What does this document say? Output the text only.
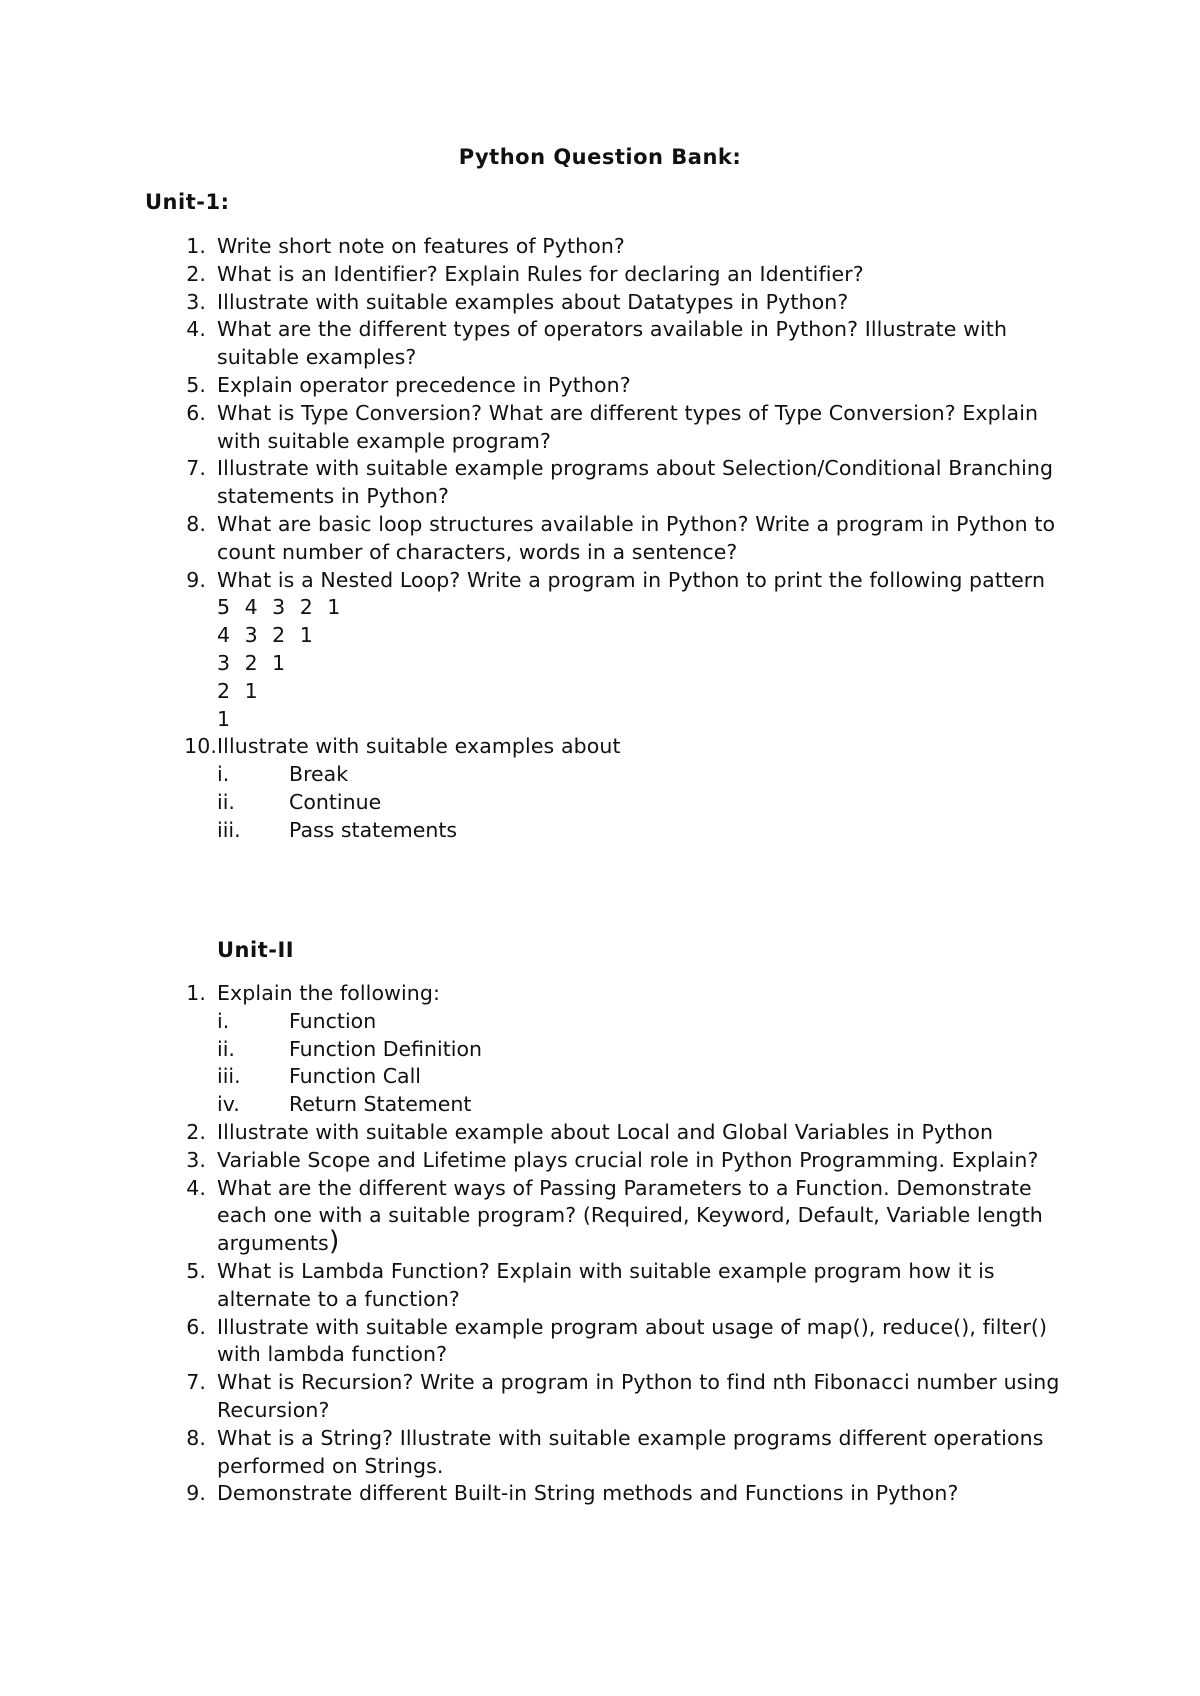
Python Question Bank:
Unit-1:
1. Write short note on features of Python?
2. What is an Identifier? Explain Rules for declaring an Identifier?
3. Illustrate with suitable examples about Datatypes in Python?
4. What are the different types of operators available in Python? Illustrate with suitable examples?
5. Explain operator precedence in Python?
6. What is Type Conversion? What are different types of Type Conversion? Explain with suitable example program?
7. Illustrate with suitable example programs about Selection/Conditional Branching statements in Python?
8. What are basic loop structures available in Python? Write a program in Python to count number of characters, words in a sentence?
9. What is a Nested Loop? Write a program in Python to print the following pattern
5  4  3  2  1
4  3  2  1
3  2  1
2  1
1
10. Illustrate with suitable examples about
i.	Break
ii.	Continue
iii. Pass statements
Unit-II
1. Explain the following:
i.	Function
ii.	Function Definition
iii. Function Call
iv. Return Statement
2. Illustrate with suitable example about Local and Global Variables in Python
3. Variable Scope and Lifetime plays crucial role in Python Programming. Explain?
4. What are the different ways of Passing Parameters to a Function. Demonstrate each one with a suitable program? (Required, Keyword, Default, Variable length arguments)
5. What is Lambda Function? Explain with suitable example program how it is alternate to a function?
6. Illustrate with suitable example program about usage of map(), reduce(), filter() with lambda function?
7. What is Recursion? Write a program in Python to find nth Fibonacci number using Recursion?
8. What is a String? Illustrate with suitable example programs different operations performed on Strings.
9. Demonstrate different Built-in String methods and Functions in Python?
